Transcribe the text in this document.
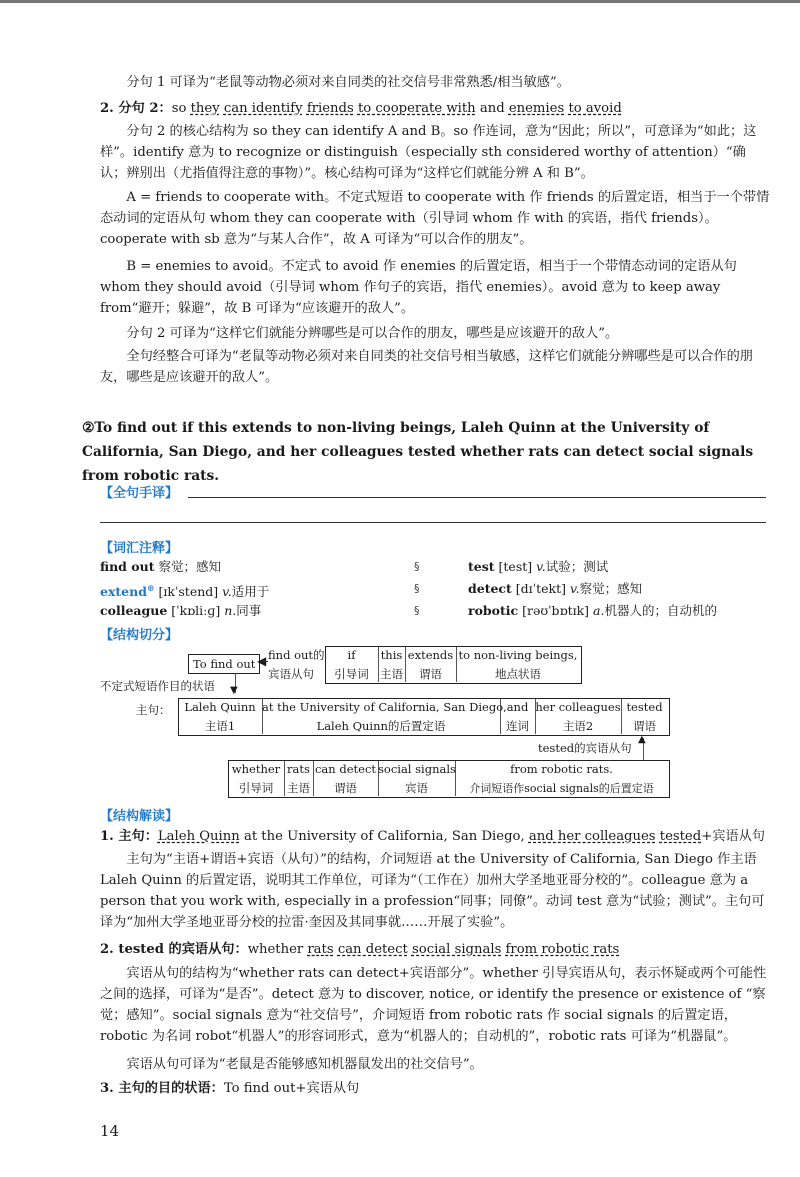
分句 1 可译为“老鼠等动物必须对来自同类的社交信号非常熟悉/相当敏感”。

2. 分句 2：so they can identify friends to cooperate with and enemies to avoid

分句 2 的核心结构为 so they can identify A and B。so 作连词，意为“因此；所以”，可意译为“如此；这样”。identify 意为 to recognize or distinguish（especially sth considered worthy of attention）“确认；辨别出（尤指值得注意的事物）”。核心结构可译为“这样它们就能分辨 A 和 B”。

A = friends to cooperate with。不定式短语 to cooperate with 作 friends 的后置定语，相当于一个带情态动词的定语从句 whom they can cooperate with（引导词 whom 作 with 的宾语，指代 friends）。cooperate with sb 意为“与某人合作”，故 A 可译为“可以合作的朋友”。

B = enemies to avoid。不定式 to avoid 作 enemies 的后置定语，相当于一个带情态动词的定语从句 whom they should avoid（引导词 whom 作句子的宾语，指代 enemies）。avoid 意为 to keep away from“避开；躲避”，故 B 可译为“应该避开的敌人”。

分句 2 可译为“这样它们就能分辨哪些是可以合作的朋友，哪些是应该避开的敌人”。

全句经整合可译为“老鼠等动物必须对来自同类的社交信号相当敏感，这样它们就能分辨哪些是可以合作的朋友，哪些是应该避开的敌人”。

②To find out if this extends to non-living beings, Laleh Quinn at the University of California, San Diego, and her colleagues tested whether rats can detect social signals from robotic rats.
【全句手译】
【词汇注释】
find out 察觉；感知
extend⊛ [ɪkˈstend] v.适用于
colleague [ˈkɒliːɡ] n.同事
§
§
§
test [test] v.试验；测试
detect [dɪˈtekt] v.察觉；感知
robotic [rəʊˈbɒtɪk] a.机器人的；自动机的
【结构切分】
To find out ◀ find out的
宾语从句
▼
不定式短语作目的状语
if
引导词
this
主语
extends
谓语
to non-living beings,
地点状语
主句：	Laleh Quinn
主语1
at the University of California, San Diego,
Laleh Quinn的后置定语
and
连词
her colleagues
主语2
tested
谓语
tested的宾语从句
▲
whether
引导词
rats
主语
can detect
谓语
social signals
宾语
from robotic rats.
介词短语作social signals的后置定语
【结构解读】

1. 主句：Laleh Quinn at the University of California, San Diego, and her colleagues tested+宾语从句

主句为“主语+谓语+宾语（从句）”的结构，介词短语 at the University of California, San Diego 作主语 Laleh Quinn 的后置定语，说明其工作单位，可译为“（工作在）加州大学圣地亚哥分校的”。colleague 意为 a person that you work with, especially in a profession“同事；同僚”。动词 test 意为“试验；测试”。主句可译为“加州大学圣地亚哥分校的拉雷·奎因及其同事就……开展了实验”。

2. tested 的宾语从句：whether rats can detect social signals from robotic rats

宾语从句的结构为“whether rats can detect+宾语部分”。whether 引导宾语从句，表示怀疑或两个可能性之间的选择，可译为“是否”。detect 意为 to discover, notice, or identify the presence or existence of “察觉；感知”。social signals 意为“社交信号”，介词短语 from robotic rats 作 social signals 的后置定语，robotic 为名词 robot“机器人”的形容词形式，意为“机器人的；自动机的”，robotic rats 可译为“机器鼠”。

宾语从句可译为“老鼠是否能够感知机器鼠发出的社交信号”。

3. 主句的目的状语：To find out+宾语从句

14
